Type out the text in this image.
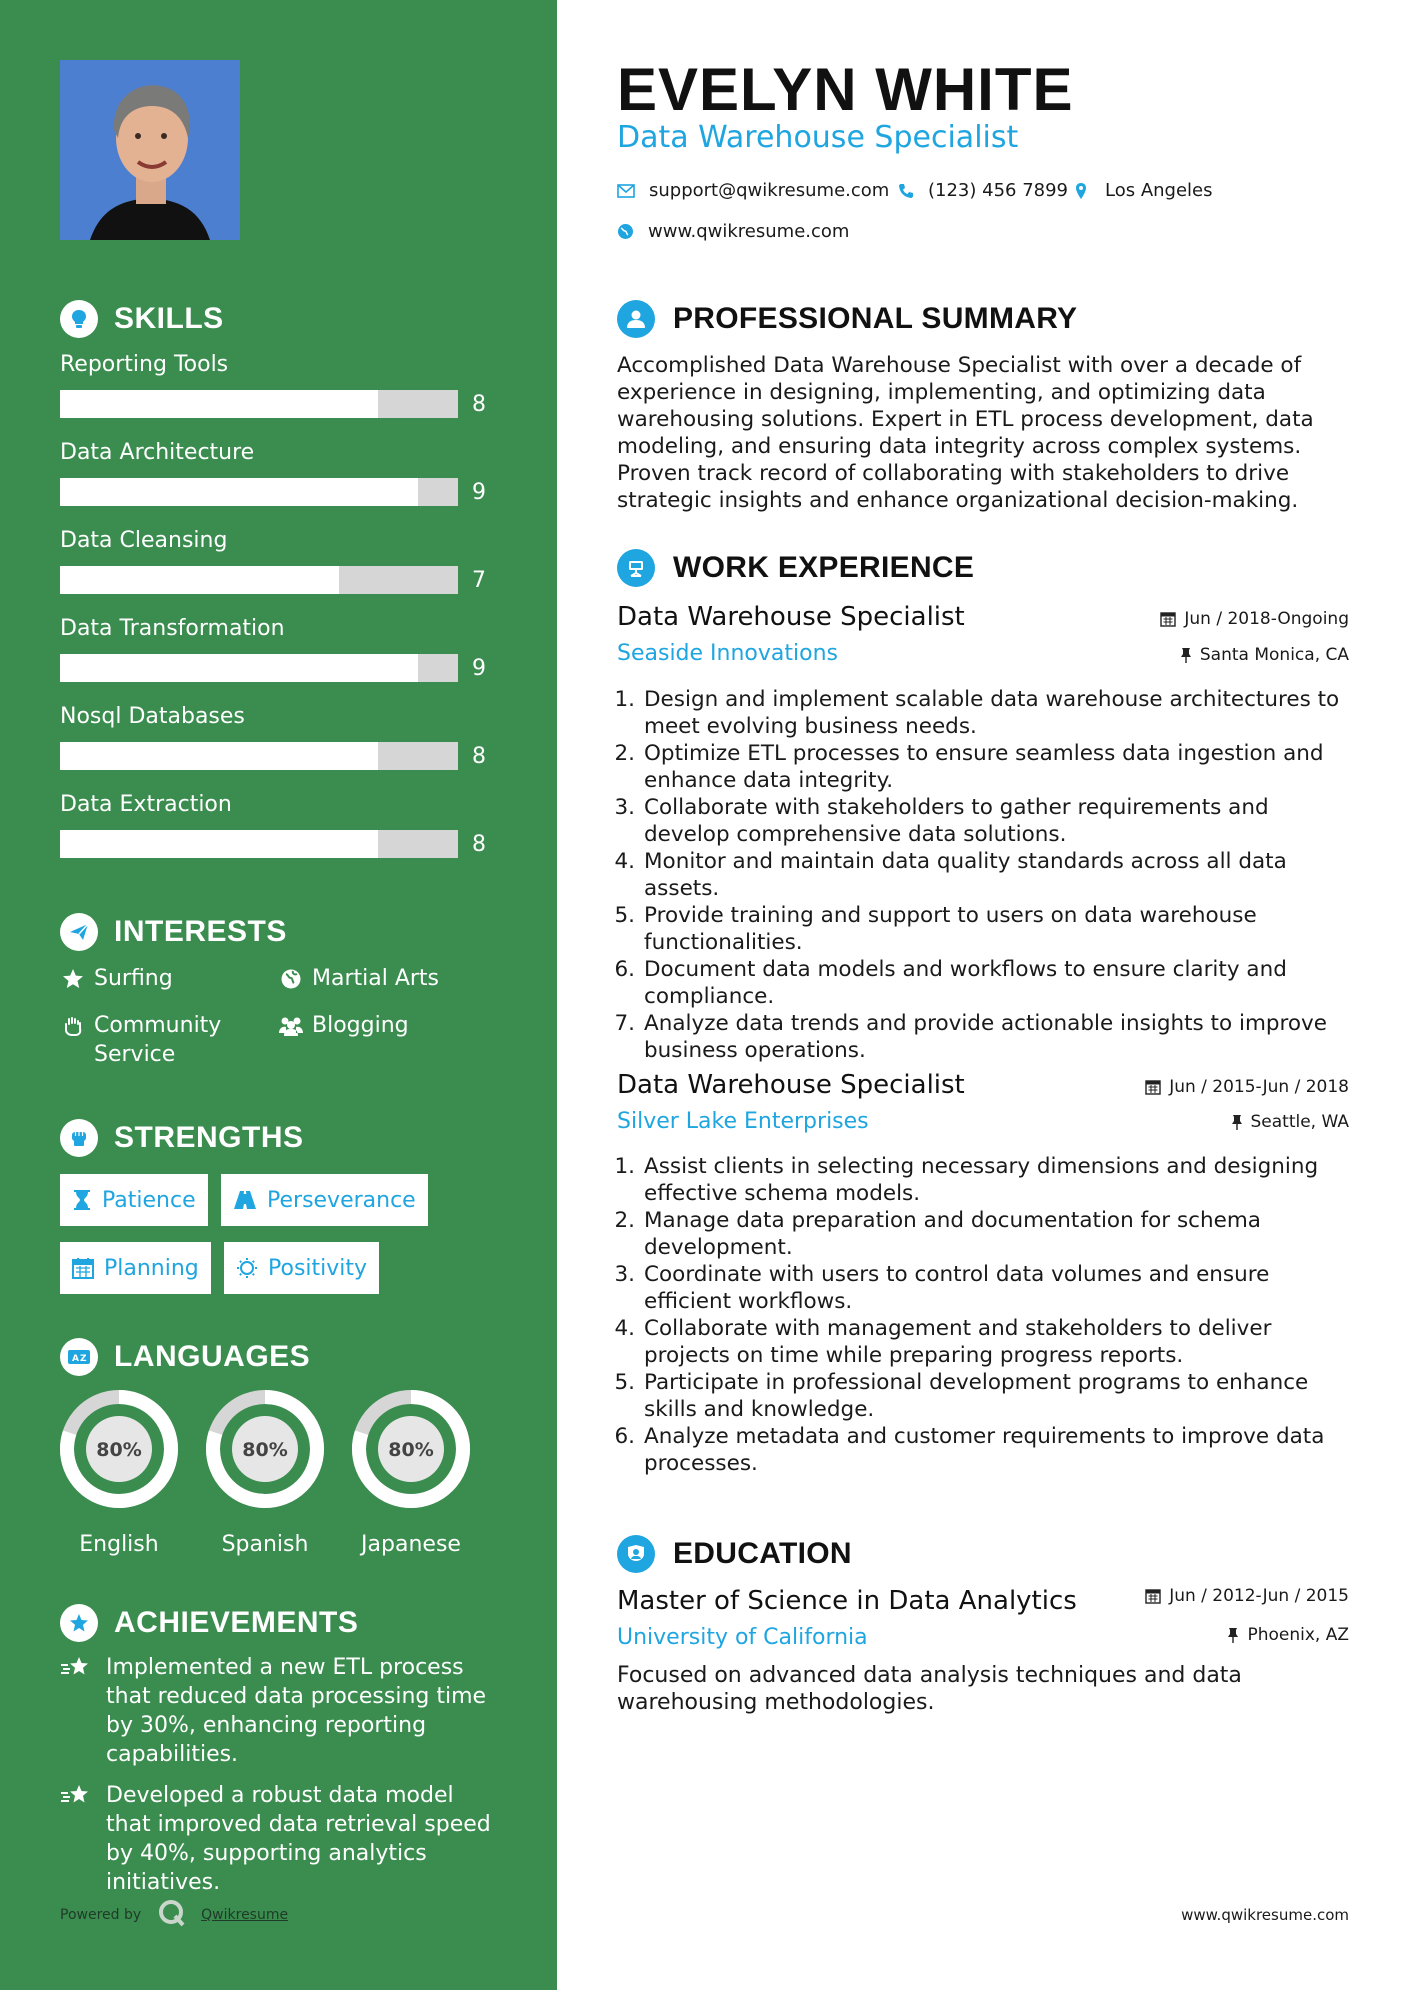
SKILLS
Reporting Tools
8
Data Architecture
9
Data Cleansing
7
Data Transformation
9
Nosql Databases
8
Data Extraction
8
INTERESTS
Surfing	Martial Arts
Community Service
Blogging
STRENGTHS
Patience	Perseverance
Planning	Positivity
A Z LANGUAGES
80%
English
80%
Spanish
80%
Japanese
ACHIEVEMENTS
Implemented a new ETL process that reduced data processing time by 30%, enhancing reporting capabilities.
Developed a robust data model that improved data retrieval speed by 40%, supporting analytics initiatives.
Powered by	Qwikresume
EVELYN WHITE
Data Warehouse Specialist
support@qwikresume.com (123) 456 7899 Los Angeles
www.qwikresume.com
PROFESSIONAL SUMMARY
Accomplished Data Warehouse Specialist with over a decade of experience in designing, implementing, and optimizing data warehousing solutions. Expert in ETL process development, data modeling, and ensuring data integrity across complex systems. Proven track record of collaborating with stakeholders to drive strategic insights and enhance organizational decision-making.
WORK EXPERIENCE
Data Warehouse Specialist
Seaside Innovations
Jun / 2018-Ongoing
Santa Monica, CA
1. Design and implement scalable data warehouse architectures to meet evolving business needs.
2. Optimize ETL processes to ensure seamless data ingestion and enhance data integrity.
3. Collaborate with stakeholders to gather requirements and develop comprehensive data solutions.
4. Monitor and maintain data quality standards across all data assets.
5. Provide training and support to users on data warehouse functionalities.
6. Document data models and workflows to ensure clarity and compliance.
7. Analyze data trends and provide actionable insights to improve business operations.
Data Warehouse Specialist
Silver Lake Enterprises
Jun / 2015-Jun / 2018
Seattle, WA
1. Assist clients in selecting necessary dimensions and designing effective schema models.
2. Manage data preparation and documentation for schema development.
3. Coordinate with users to control data volumes and ensure efficient workflows.
4. Collaborate with management and stakeholders to deliver projects on time while preparing progress reports.
5. Participate in professional development programs to enhance skills and knowledge.
6. Analyze metadata and customer requirements to improve data processes.
EDUCATION
Master of Science in Data Analytics
University of California
Jun / 2012-Jun / 2015
Phoenix, AZ
Focused on advanced data analysis techniques and data warehousing methodologies.
www.qwikresume.com
